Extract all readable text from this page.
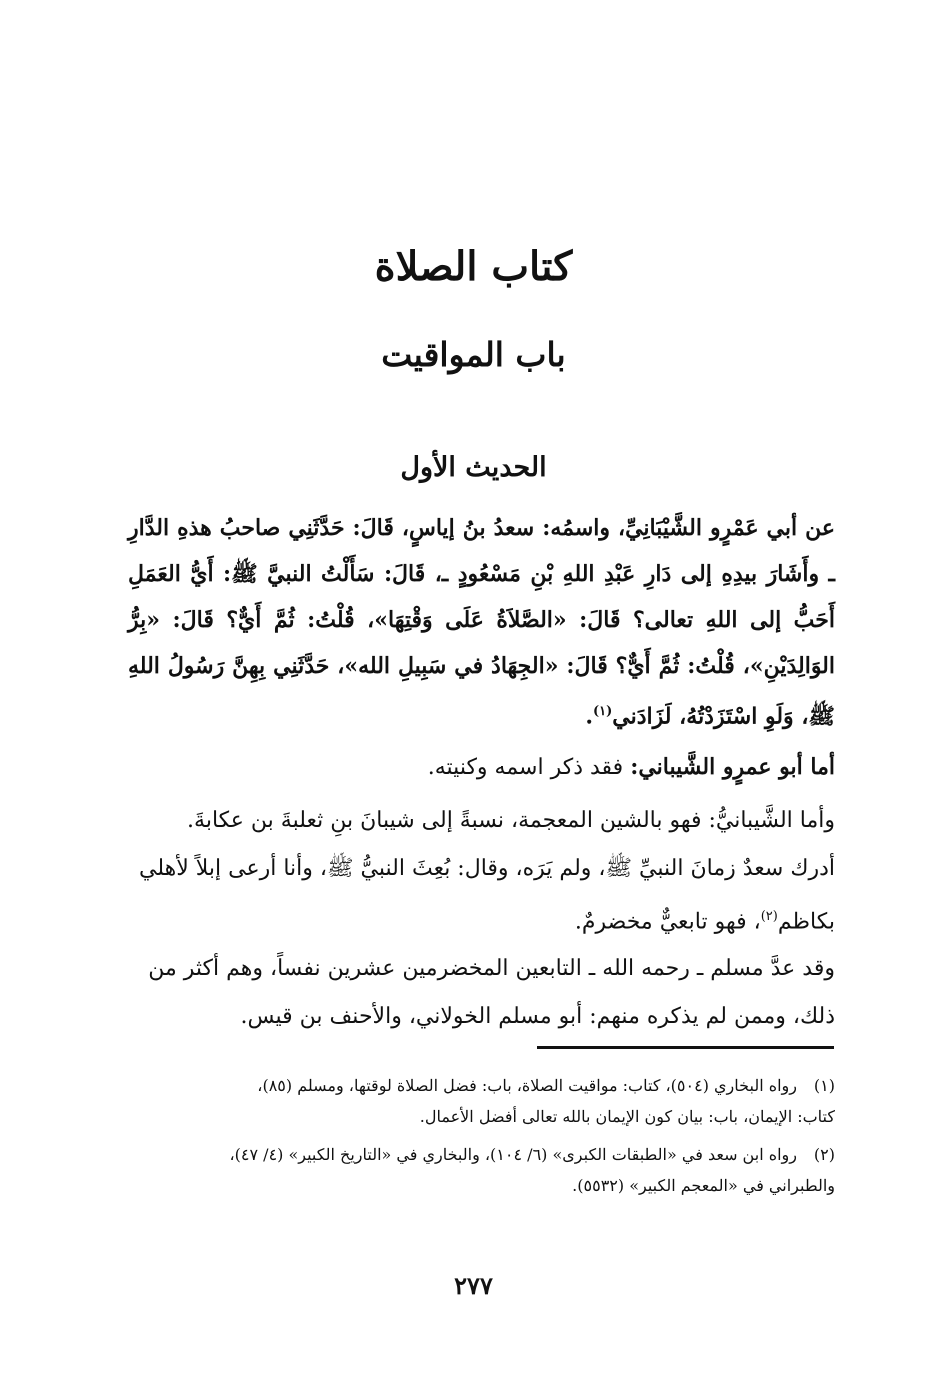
كتاب الصلاة
باب المواقيت
الحديث الأول
عن أبي عَمْرٍو الشَّيْبَانِيِّ، واسمُه: سعدُ بنُ إياسٍ، قَالَ: حَدَّثَنِي صاحبُ هذهِ الدَّارِ ـ وأَشَارَ بيدِهِ إلى دَارِ عَبْدِ اللهِ بْنِ مَسْعُودٍ ـ، قَالَ: سَأَلْتُ النبيَّ ﷺ: أَيُّ العَمَلِ أَحَبُّ إلى اللهِ تعالى؟ قَالَ: «الصَّلاَةُ عَلَى وَقْتِهَا»، قُلْتُ: ثُمَّ أَيٌّ؟ قَالَ: «بِرُّ الوَالِدَيْنِ»، قُلْتُ: ثُمَّ أَيٌّ؟ قَالَ: «الجِهَادُ في سَبِيلِ الله»، حَدَّثَنِي بِهِنَّ رَسُولُ اللهِ ﷺ، وَلَوِ اسْتَزَدْتُهُ، لَزَادَني$^{(١)}$.
أما أبو عمرٍو الشَّيباني: فقد ذكر اسمه وكنيته.
وأما الشَّيبانيُّ: فهو بالشين المعجمة، نسبةً إلى شيبانَ بنِ ثعلبةَ بن عكابةَ.
أدرك سعدٌ زمانَ النبيِّ ﷺ، ولم يَرَه، وقال: بُعِثَ النبيُّ ﷺ، وأنا أرعى إبلاً لأهلي بكاظم$^{(٢)}$، فهو تابعيٌّ مخضرمٌ.
وقد عدَّ مسلم ـ رحمه الله ـ التابعين المخضرمين عشرين نفساً، وهم أكثر من ذلك، وممن لم يذكره منهم: أبو مسلم الخولاني، والأحنف بن قيس.
(١)رواه البخاري (٥٠٤)، كتاب: مواقيت الصلاة، باب: فضل الصلاة لوقتها، ومسلم (٨٥)،
كتاب: الإيمان، باب: بيان كون الإيمان بالله تعالى أفضل الأعمال.
(٢)رواه ابن سعد في «الطبقات الكبرى» (٦/ ١٠٤)، والبخاري في «التاريخ الكبير» (٤/ ٤٧)،
والطبراني في «المعجم الكبير» (٥٥٣٢).
٢٧٧
